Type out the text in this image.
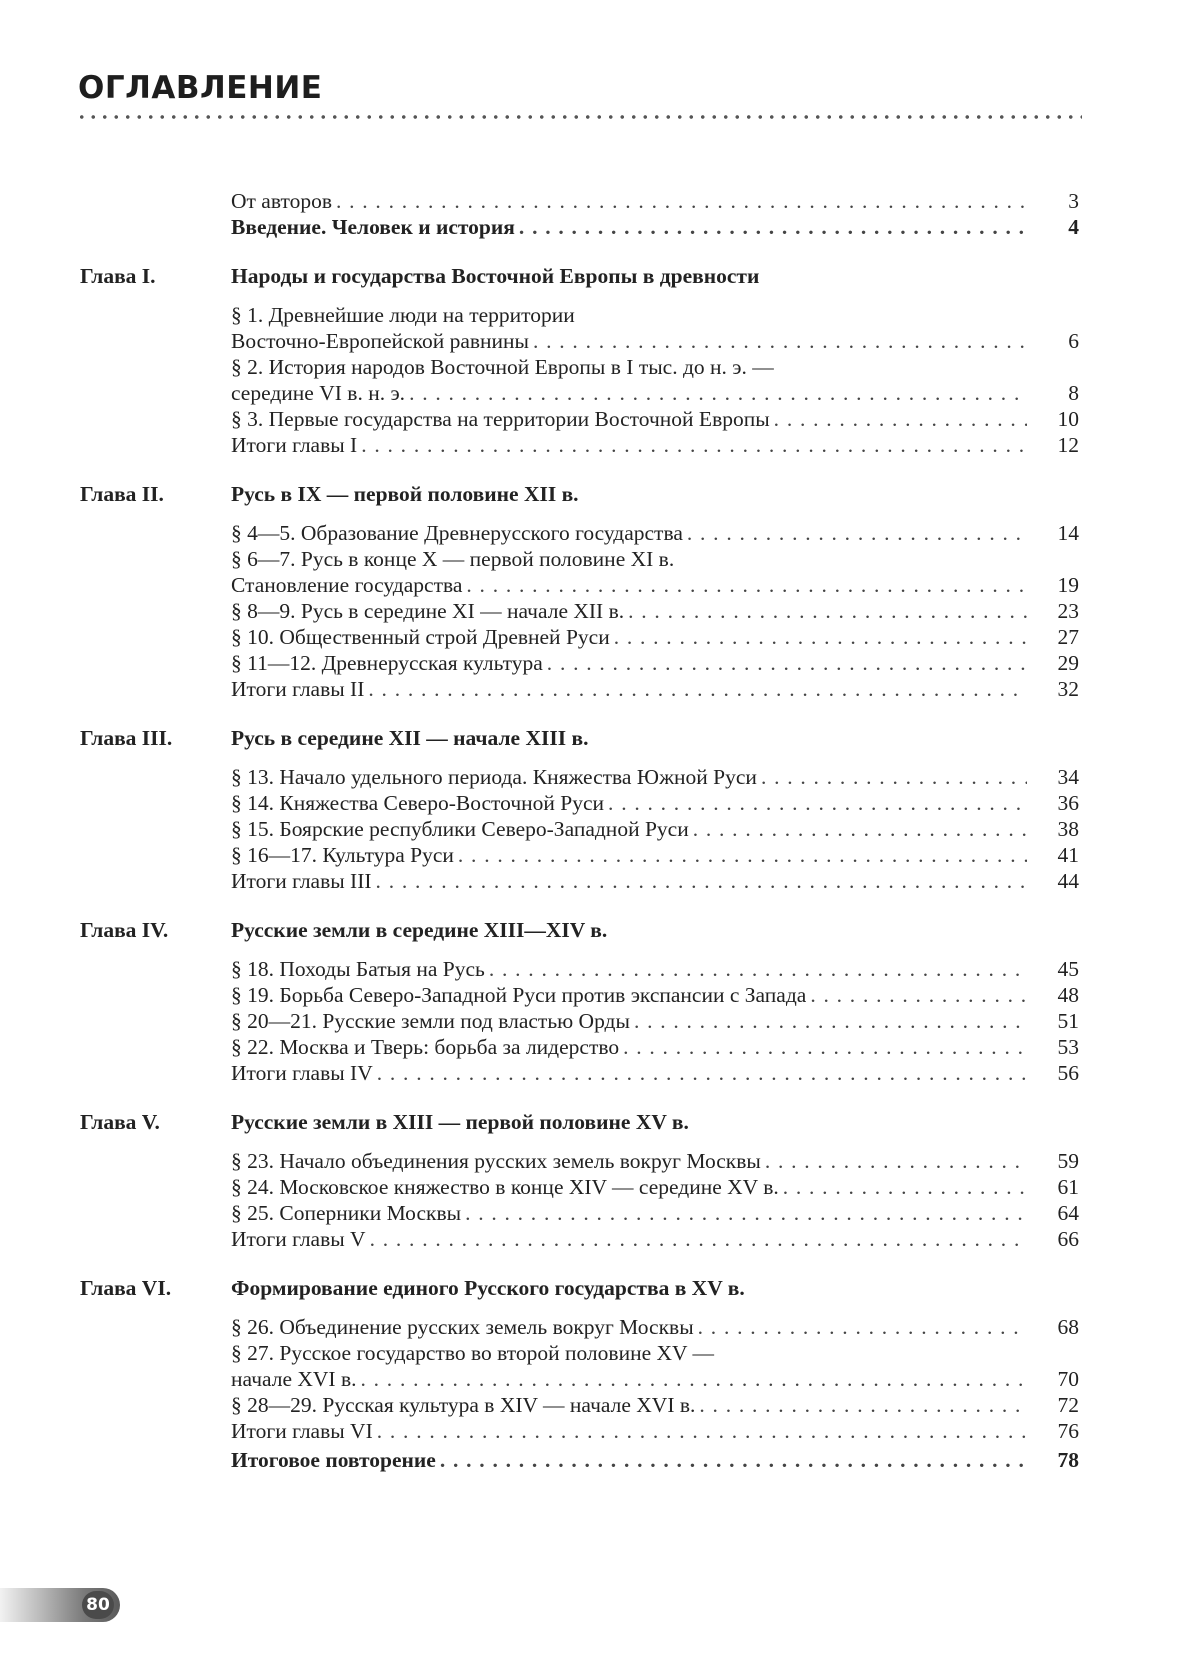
ОГЛАВЛЕНИЕ
От авторов . . .	3
Введение. Человек и история . . .	4
Глава I.	Народы и государства Восточной Европы в древности
§ 1. Древнейшие люди на территории
Восточно-Европейской равнины . . .	6
§ 2. История народов Восточной Европы в I тыс. до н. э. —
середине VI в. н. э. . . .	8
§ 3. Первые государства на территории Восточной Европы . . .	10
Итоги главы I . . .	12
Глава II.	Русь в IX — первой половине XII в.
§ 4—5. Образование Древнерусского государства . . .	14
§ 6—7. Русь в конце X — первой половине XI в.
Становление государства . . .	19
§ 8—9. Русь в середине XI — начале XII в. . . .	23
§ 10. Общественный строй Древней Руси . . .	27
§ 11—12. Древнерусская культура . . .	29
Итоги главы II . . .	32
Глава III.	Русь в середине XII — начале XIII в.
§ 13. Начало удельного периода. Княжества Южной Руси . . .	34
§ 14. Княжества Северо-Восточной Руси . . .	36
§ 15. Боярские республики Северо-Западной Руси . . .	38
§ 16—17. Культура Руси . . .	41
Итоги главы III . . .	44
Глава IV.	Русские земли в середине XIII—XIV в.
§ 18. Походы Батыя на Русь . . .	45
§ 19. Борьба Северо-Западной Руси против экспансии с Запада . . .	48
§ 20—21. Русские земли под властью Орды . . .	51
§ 22. Москва и Тверь: борьба за лидерство . . .	53
Итоги главы IV . . .	56
Глава V.	Русские земли в XIII — первой половине XV в.
§ 23. Начало объединения русских земель вокруг Москвы . . .	59
§ 24. Московское княжество в конце XIV — середине XV в. . . .	61
§ 25. Соперники Москвы . . .	64
Итоги главы V . . .	66
Глава VI.	Формирование единого Русского государства в XV в.
§ 26. Объединение русских земель вокруг Москвы . . .	68
§ 27. Русское государство во второй половине XV —
начале XVI в. . . .	70
§ 28—29. Русская культура в XIV — начале XVI в. . . .	72
Итоги главы VI . . .	76
Итоговое повторение . . .	78
80
